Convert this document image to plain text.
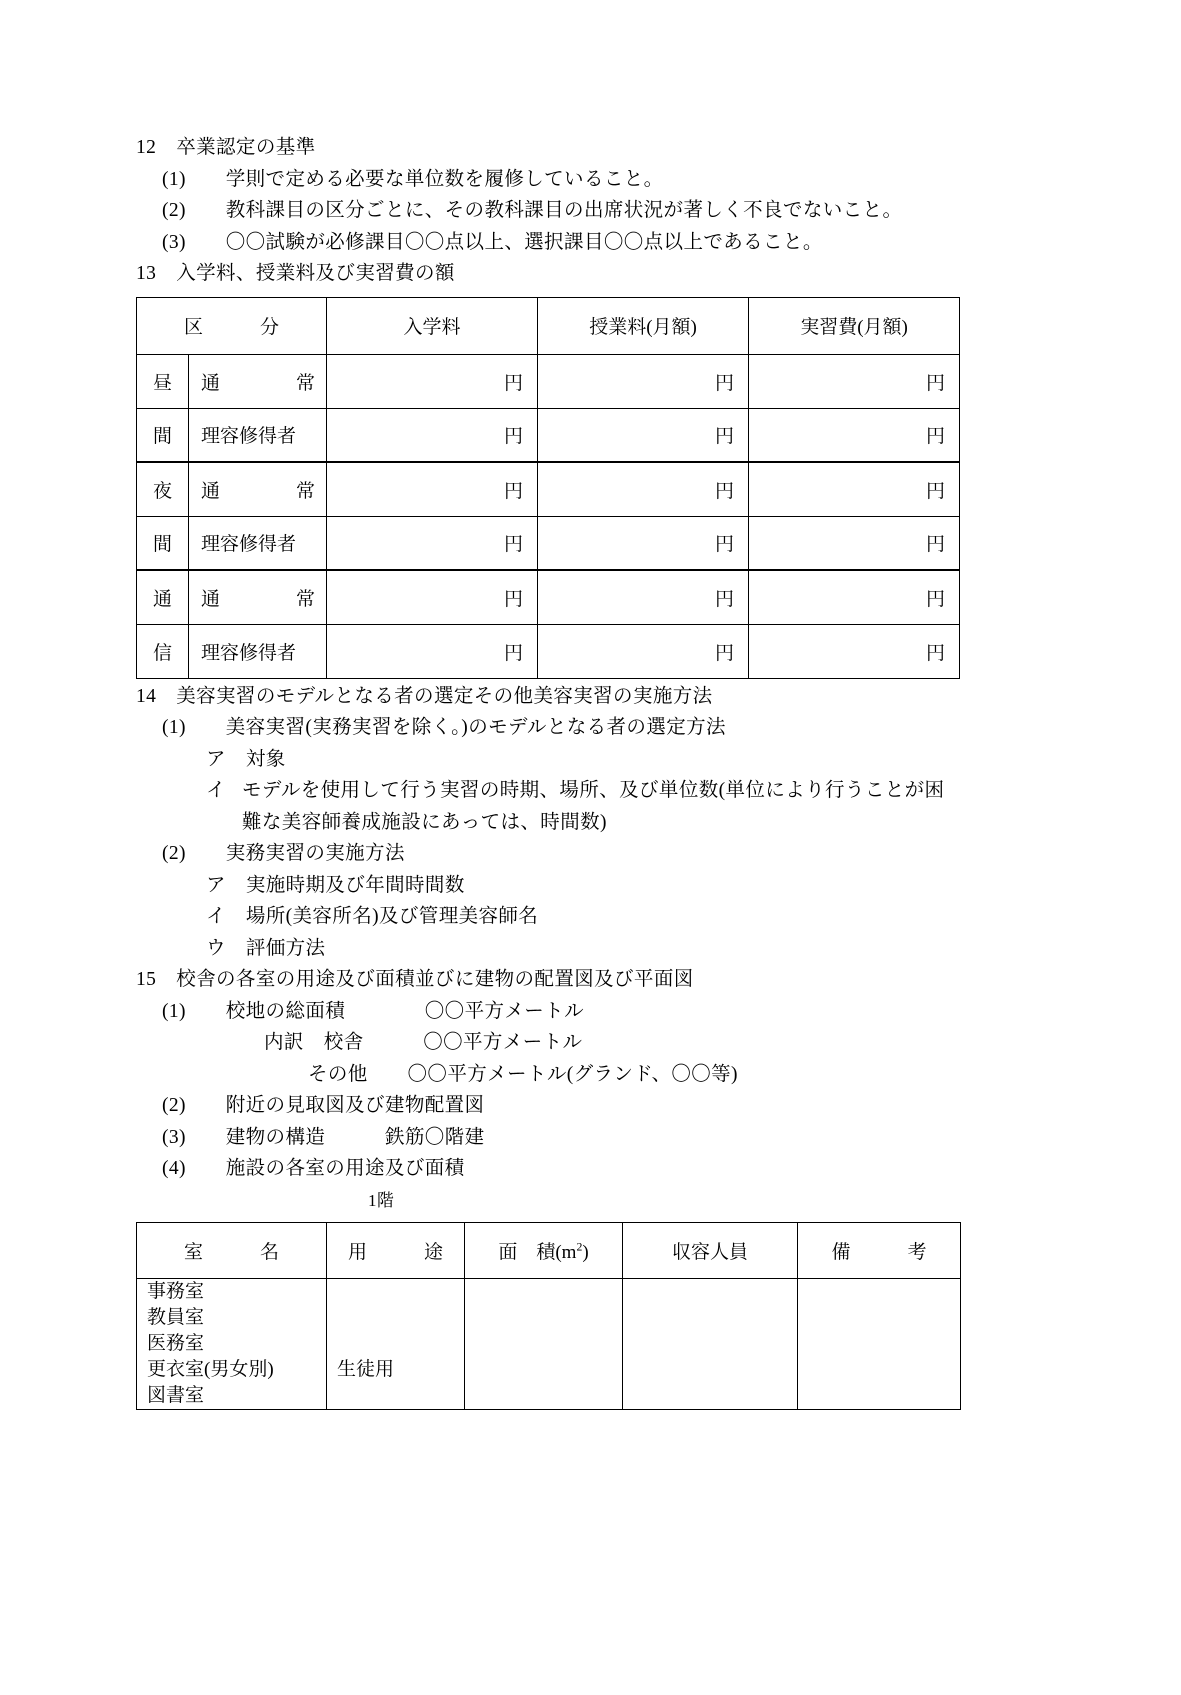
12　 卒業認定の基準
(1)　　 学則で定める必要な単位数を履修していること。
(2)　　 教科課目の区分ごとに、その教科課目の出席状況が著しく不良でないこと。
(3)　　 〇〇試験が必修課目〇〇点以上、選択課目〇〇点以上であること。
13　 入学料、授業料及び実習費の額
区　　　分		入学料	授業料(月額)	実習費(月額)
昼	通　　　　常	円	円	円
間	理容修得者	円	円	円
夜	通　　　　常	円	円	円
間	理容修得者	円	円	円
通	通　　　　常	円	円	円
信	理容修得者	円	円	円
14　 美容実習のモデルとなる者の選定その他美容実習の実施方法
(1)　　 美容実習(実務実習を除く。)のモデルとなる者の選定方法
ア　 対象
イ モデルを使用して行う実習の時期、場所、及び単位数(単位により行うことが困難な美容師養成施設にあっては、時間数)
(2)　　 実務実習の実施方法
ア　 実施時期及び年間時間数
イ　 場所(美容所名)及び管理美容師名
ウ　 評価方法
15　 校舎の各室の用途及び面積並びに建物の配置図及び平面図
(1)　　 校地の総面積　　　　	〇〇平方メートル
内訳　 校舎　　　	〇〇平方メートル
その他　　 〇〇平方メートル(グランド、〇〇等)
(2)　　 附近の見取図及び建物配置図
(3)　　 建物の構造　　　	鉄筋〇階建
(4)　　 施設の各室の用途及び面積
1階
室　　　名	用　　　途	面　積$(m^2)$	収容人員	備　　　考

事務室
教員室
医務室
更衣室(男女別)
図書室	生徒用			
